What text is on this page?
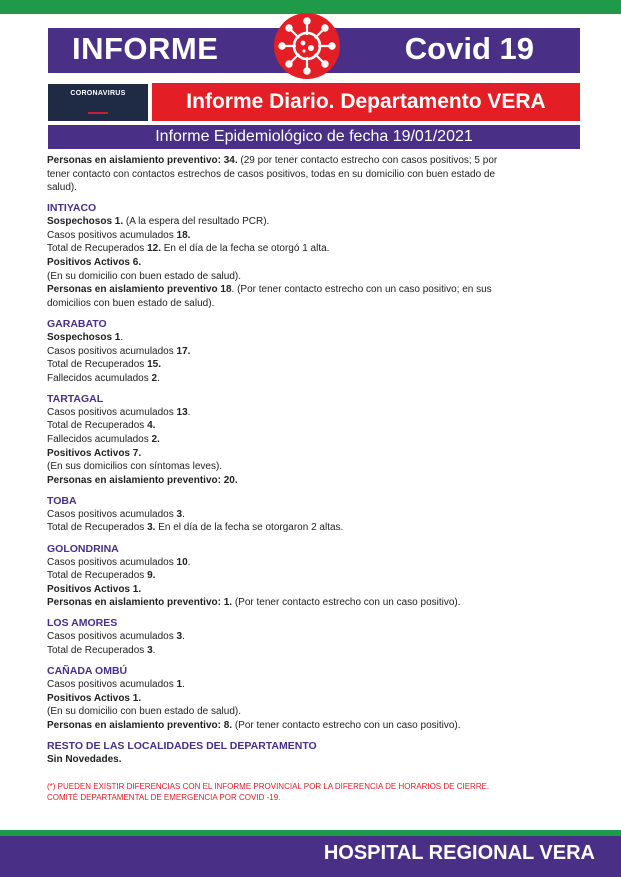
INFORME	Covid 19
CORONAVIRUS	Informe Diario. Departamento VERA
Informe Epidemiológico de fecha 19/01/2021
Personas en aislamiento preventivo: 34. (29 por tener contacto estrecho con casos positivos; 5 por tener contacto con contactos estrechos de casos positivos, todas en su domicilio con buen estado de salud).
INTIYACO
Sospechosos 1. (A la espera del resultado PCR).
Casos positivos acumulados 18.
Total de Recuperados 12. En el día de la fecha se otorgó 1 alta.
Positivos Activos 6.
(En su domicilio con buen estado de salud).
Personas en aislamiento preventivo 18. (Por tener contacto estrecho con un caso positivo; en sus domicilios con buen estado de salud).
GARABATO
Sospechosos 1.
Casos positivos acumulados 17.
Total de Recuperados 15.
Fallecidos acumulados 2.
TARTAGAL
Casos positivos acumulados 13.
Total de Recuperados 4.
Fallecidos acumulados 2.
Positivos Activos 7.
(En sus domicilios con síntomas leves).
Personas en aislamiento preventivo: 20.
TOBA
Casos positivos acumulados 3.
Total de Recuperados 3. En el día de la fecha se otorgaron 2 altas.
GOLONDRINA
Casos positivos acumulados 10.
Total de Recuperados 9.
Positivos Activos 1.
Personas en aislamiento preventivo: 1. (Por tener contacto estrecho con un caso positivo).
LOS AMORES
Casos positivos acumulados 3.
Total de Recuperados 3.
CAÑADA OMBÚ
Casos positivos acumulados 1.
Positivos Activos 1.
(En su domicilio con buen estado de salud).
Personas en aislamiento preventivo: 8. (Por tener contacto estrecho con un caso positivo).
RESTO DE LAS LOCALIDADES DEL DEPARTAMENTO
Sin Novedades.
(*) PUEDEN EXISTIR DIFERENCIAS CON EL INFORME PROVINCIAL POR LA DIFERENCIA DE HORARIOS DE CIERRE.
COMITÉ DEPARTAMENTAL DE EMERGENCIA POR COVID -19.
HOSPITAL REGIONAL VERA
